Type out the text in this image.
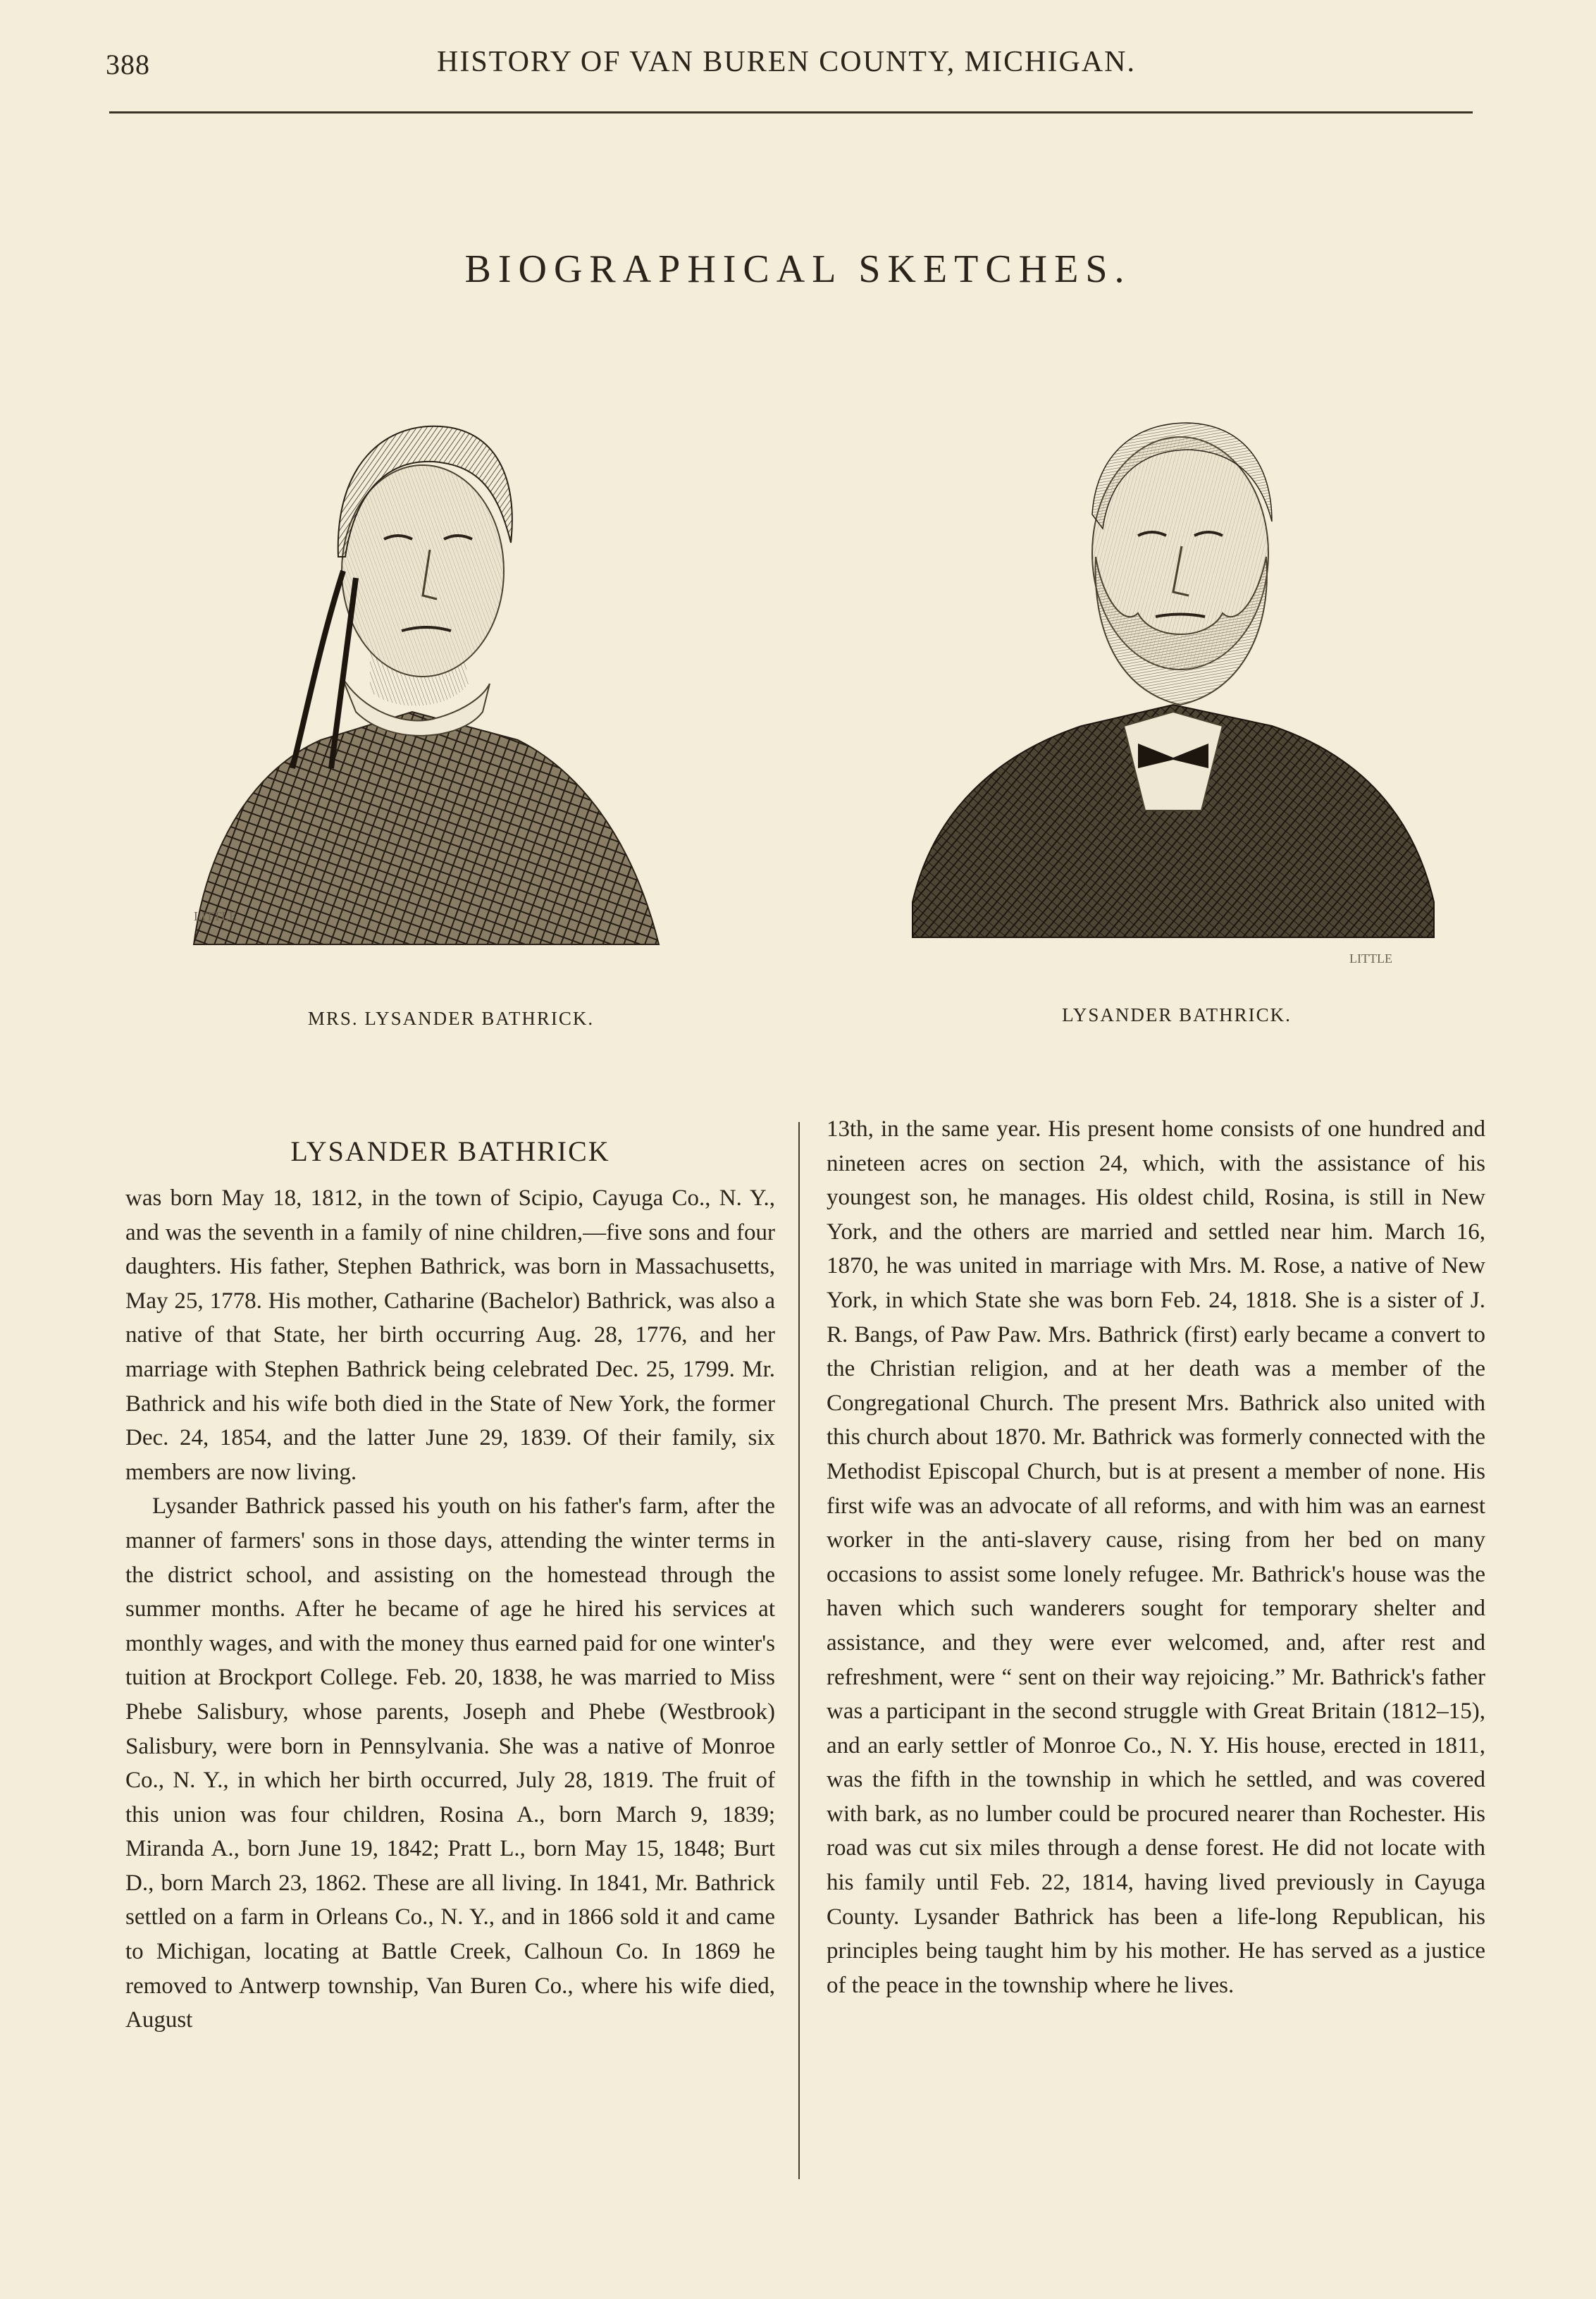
388	HISTORY OF VAN BUREN COUNTY, MICHIGAN.
BIOGRAPHICAL SKETCHES.
LITTLE
MRS. LYSANDER BATHRICK.
LITTLE
LYSANDER BATHRICK.
LYSANDER BATHRICK

was born May 18, 1812, in the town of Scipio, Cayuga Co., N. Y., and was the seventh in a family of nine children,—five sons and four daughters. His father, Stephen Bathrick, was born in Massachusetts, May 25, 1778. His mother, Catharine (Bachelor) Bathrick, was also a native of that State, her birth occurring Aug. 28, 1776, and her marriage with Stephen Bathrick being celebrated Dec. 25, 1799. Mr. Bathrick and his wife both died in the State of New York, the former Dec. 24, 1854, and the latter June 29, 1839. Of their family, six members are now living.

Lysander Bathrick passed his youth on his father's farm, after the manner of farmers' sons in those days, attending the winter terms in the district school, and assisting on the homestead through the summer months. After he became of age he hired his services at monthly wages, and with the money thus earned paid for one winter's tuition at Brockport College. Feb. 20, 1838, he was married to Miss Phebe Salisbury, whose parents, Joseph and Phebe (Westbrook) Salisbury, were born in Pennsylvania. She was a native of Monroe Co., N. Y., in which her birth occurred, July 28, 1819. The fruit of this union was four children, Rosina A., born March 9, 1839; Miranda A., born June 19, 1842; Pratt L., born May 15, 1848; Burt D., born March 23, 1862. These are all living. In 1841, Mr. Bathrick settled on a farm in Orleans Co., N. Y., and in 1866 sold it and came to Michigan, locating at Battle Creek, Calhoun Co. In 1869 he removed to Antwerp township, Van Buren Co., where his wife died, August

13th, in the same year. His present home consists of one hundred and nineteen acres on section 24, which, with the assistance of his youngest son, he manages. His oldest child, Rosina, is still in New York, and the others are married and settled near him. March 16, 1870, he was united in marriage with Mrs. M. Rose, a native of New York, in which State she was born Feb. 24, 1818. She is a sister of J. R. Bangs, of Paw Paw. Mrs. Bathrick (first) early became a convert to the Christian religion, and at her death was a member of the Congregational Church. The present Mrs. Bathrick also united with this church about 1870. Mr. Bathrick was formerly connected with the Methodist Episcopal Church, but is at present a member of none. His first wife was an advocate of all reforms, and with him was an earnest worker in the anti-slavery cause, rising from her bed on many occasions to assist some lonely refugee. Mr. Bathrick's house was the haven which such wanderers sought for temporary shelter and assistance, and they were ever welcomed, and, after rest and refreshment, were “ sent on their way rejoicing.” Mr. Bathrick's father was a participant in the second struggle with Great Britain (1812–15), and an early settler of Monroe Co., N. Y. His house, erected in 1811, was the fifth in the township in which he settled, and was covered with bark, as no lumber could be procured nearer than Rochester. His road was cut six miles through a dense forest. He did not locate with his family until Feb. 22, 1814, having lived previously in Cayuga County. Lysander Bathrick has been a life-long Republican, his principles being taught him by his mother. He has served as a justice of the peace in the township where he lives.
